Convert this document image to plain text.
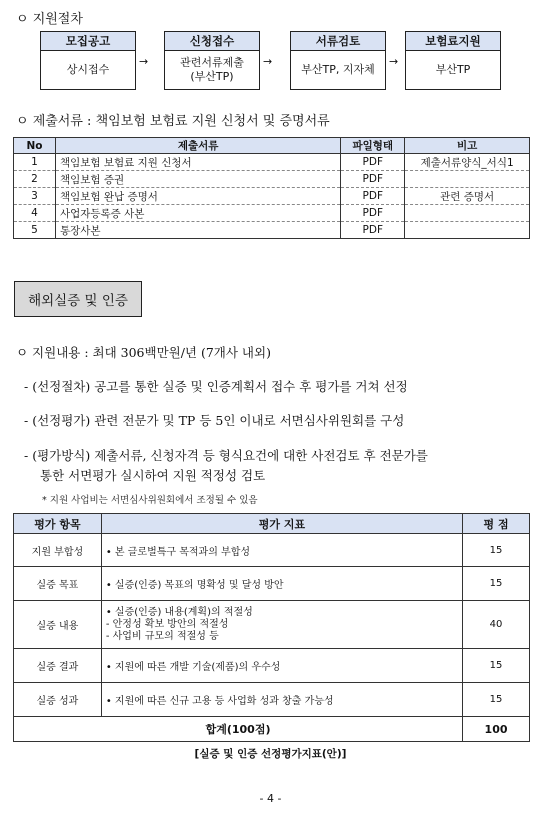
ㅇ 지원절차
모집공고
상시접수
→
신청접수
관련서류제출
(부산TP)
→
서류검토
부산TP, 지자체
→
보험료지원
부산TP
ㅇ 제출서류 : 책임보험 보험료 지원 신청서 및 증명서류
No	제출서류	파일형태	비고
1	책임보험 보험료 지원 신청서	PDF	제출서류양식_서식1
2	책임보험 증권	PDF	
3	책임보험 완납 증명서	PDF	관련 증명서
4	사업자등록증 사본	PDF	
5	통장사본	PDF	
해외실증 및 인증
ㅇ 지원내용 : 최대 306백만원/년 (7개사 내외)
- (선정절차) 공고를 통한 실증 및 인증계획서 접수 후 평가를 거쳐 선정
- (선정평가) 관련 전문가 및 TP 등 5인 이내로 서면심사위원회를 구성
- (평가방식) 제출서류, 신청자격 등 형식요건에 대한 사전검토 후 전문가를
통한 서면평가 실시하여 지원 적정성 검토
* 지원 사업비는 서면심사위원회에서 조정될 수 있음
평가 항목	평가 지표	평 점
지원 부합성	• 본 글로벌특구 목적과의 부합성	15
실증 목표	• 실증(인증) 목표의 명확성 및 달성 방안	15
실증 내용	• 실증(인증) 내용(계획)의 적절성
- 안정성 확보 방안의 적절성
- 사업비 규모의 적절성 등	40
실증 결과	• 지원에 따른 개발 기술(제품)의 우수성	15
실증 성과	• 지원에 따른 신규 고용 등 사업화 성과 창출 가능성	15
합계(100점)		100
[실증 및 인증 선정평가지표(안)]
- 4 -
